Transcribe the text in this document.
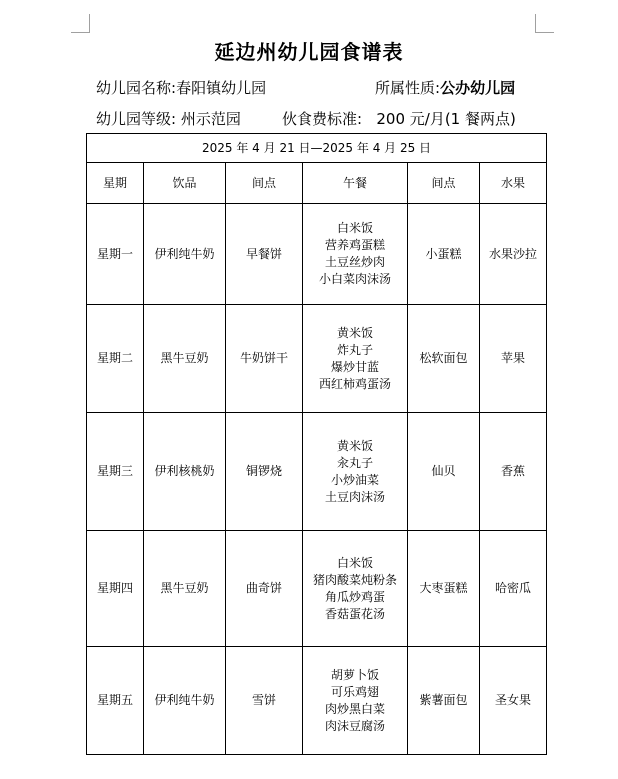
延边州幼儿园食谱表
幼儿园名称:春阳镇幼儿园	所属性质:公办幼儿园
幼儿园等级: 州示范园	伙食费标准: 200 元/月(1 餐两点)
2025 年 4 月 21 日—2025 年 4 月 25 日					
星期	饮品	间点	午餐	间点	水果
星期一	伊利纯牛奶	早餐饼	白米饭
营养鸡蛋糕
土豆丝炒肉
小白菜肉沫汤	小蛋糕	水果沙拉
星期二	黑牛豆奶	牛奶饼干	黄米饭
炸丸子
爆炒甘蓝
西红柿鸡蛋汤	松软面包	苹果
星期三	伊利核桃奶	铜锣烧	黄米饭
汆丸子
小炒油菜
土豆肉沫汤	仙贝	香蕉
星期四	黑牛豆奶	曲奇饼	白米饭
猪肉酸菜炖粉条
角瓜炒鸡蛋
香菇蛋花汤	大枣蛋糕	哈密瓜
星期五	伊利纯牛奶	雪饼	胡萝卜饭
可乐鸡翅
肉炒黑白菜
肉沫豆腐汤	紫薯面包	圣女果
